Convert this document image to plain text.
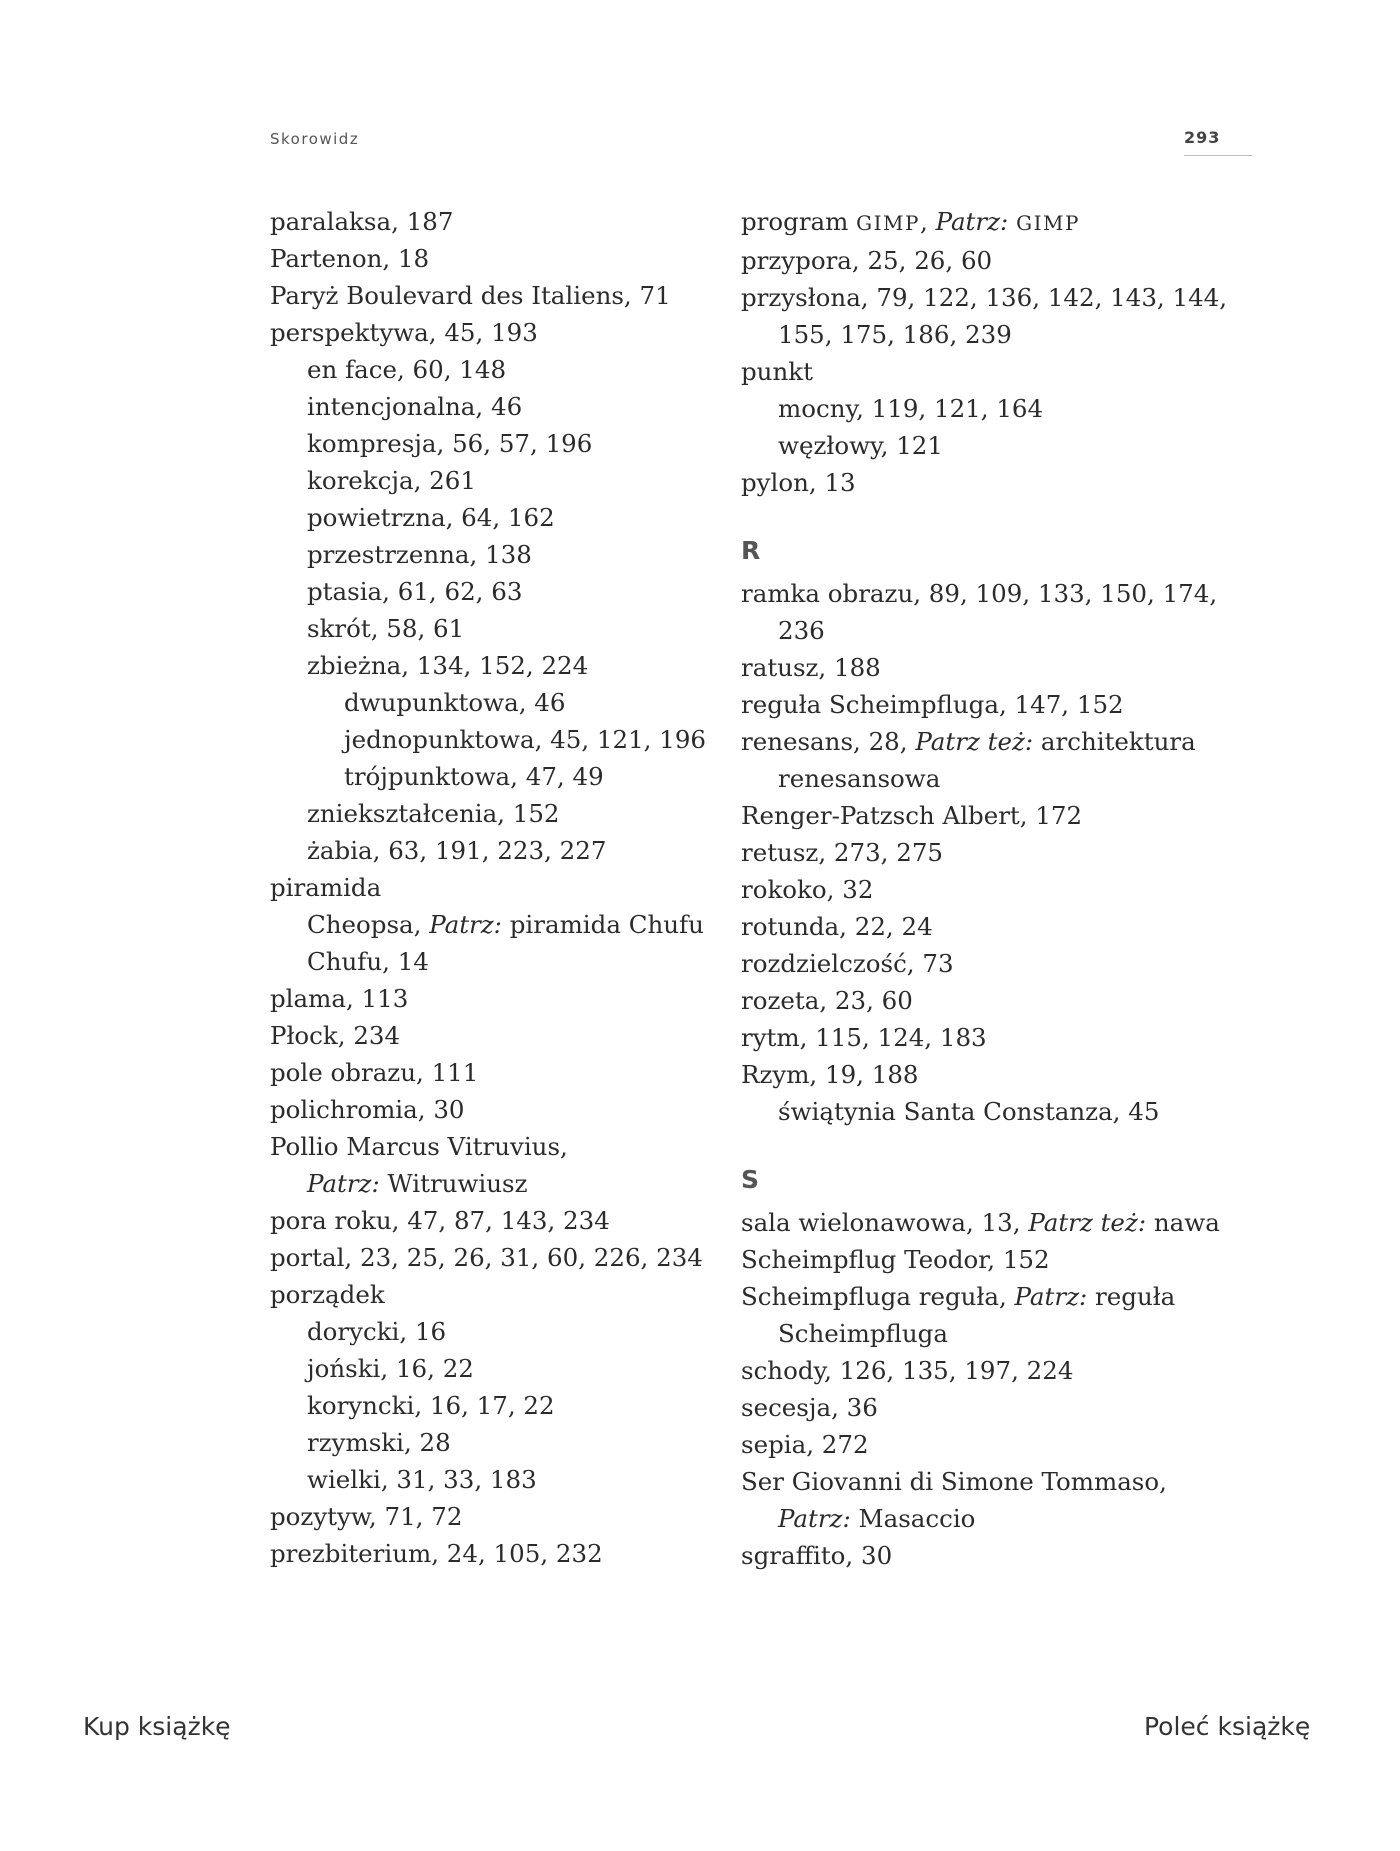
Skorowidz	293
paralaksa, 187
Partenon, 18
Paryż Boulevard des Italiens, 71
perspektywa, 45, 193
en face, 60, 148
intencjonalna, 46
kompresja, 56, 57, 196
korekcja, 261
powietrzna, 64, 162
przestrzenna, 138
ptasia, 61, 62, 63
skrót, 58, 61
zbieżna, 134, 152, 224
dwupunktowa, 46
jednopunktowa, 45, 121, 196
trójpunktowa, 47, 49
zniekształcenia, 152
żabia, 63, 191, 223, 227
piramida
Cheopsa, Patrz: piramida Chufu
Chufu, 14
plama, 113
Płock, 234
pole obrazu, 111
polichromia, 30
Pollio Marcus Vitruvius,
Patrz: Witruwiusz
pora roku, 47, 87, 143, 234
portal, 23, 25, 26, 31, 60, 226, 234
porządek
dorycki, 16
joński, 16, 22
koryncki, 16, 17, 22
rzymski, 28
wielki, 31, 33, 183
pozytyw, 71, 72
prezbiterium, 24, 105, 232
program GIMP, Patrz: GIMP
przypora, 25, 26, 60
przysłona, 79, 122, 136, 142, 143, 144,
155, 175, 186, 239
punkt
mocny, 119, 121, 164
węzłowy, 121
pylon, 13
R
ramka obrazu, 89, 109, 133, 150, 174,
236
ratusz, 188
reguła Scheimpfluga, 147, 152
renesans, 28, Patrz też: architektura
renesansowa
Renger-Patzsch Albert, 172
retusz, 273, 275
rokoko, 32
rotunda, 22, 24
rozdzielczość, 73
rozeta, 23, 60
rytm, 115, 124, 183
Rzym, 19, 188
świątynia Santa Constanza, 45
S
sala wielonawowa, 13, Patrz też: nawa
Scheimpflug Teodor, 152
Scheimpfluga reguła, Patrz: reguła
Scheimpfluga
schody, 126, 135, 197, 224
secesja, 36
sepia, 272
Ser Giovanni di Simone Tommaso,
Patrz: Masaccio
sgraffito, 30
Kup książkę	Poleć książkę
